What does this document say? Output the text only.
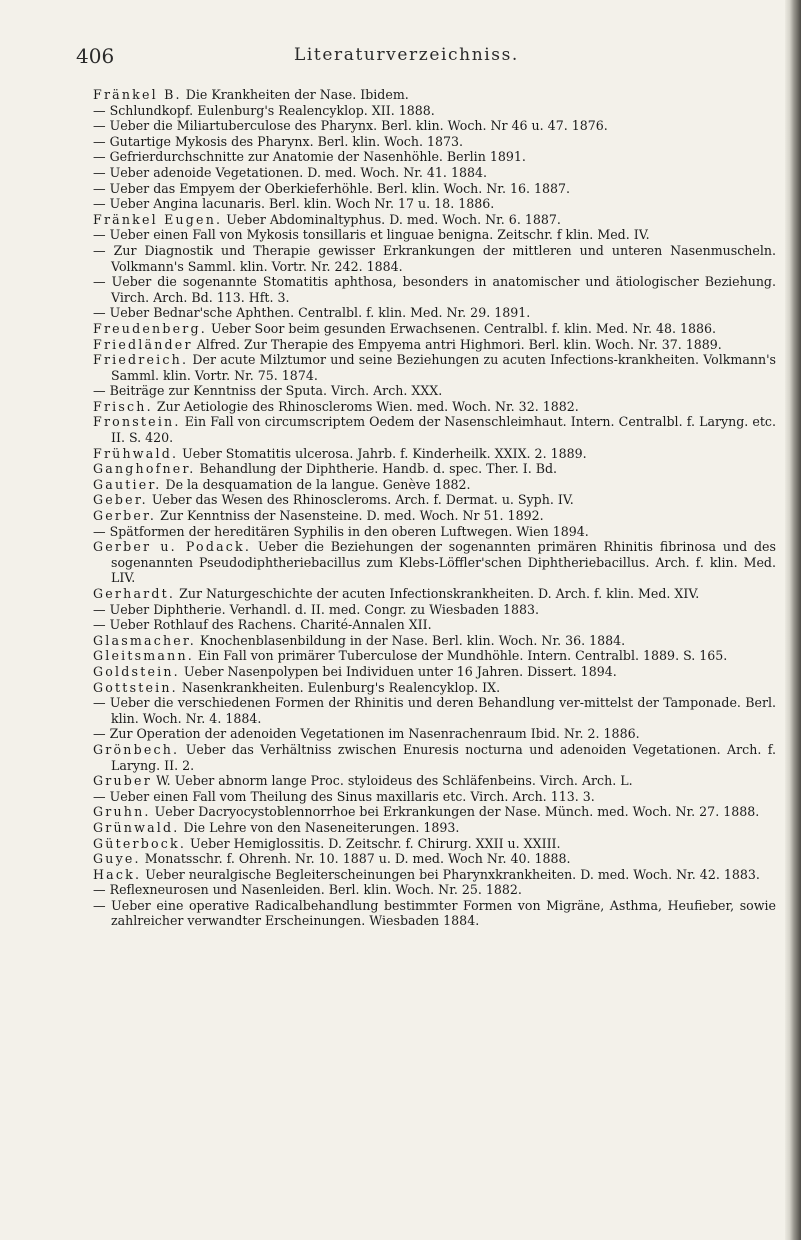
406	Literaturverzeichniss.
Fränkel B. Die Krankheiten der Nase. Ibidem.
— Schlundkopf. Eulenburg's Realencyklop. XII. 1888.
— Ueber die Miliartuberculose des Pharynx. Berl. klin. Woch. Nr 46 u. 47. 1876.
— Gutartige Mykosis des Pharynx. Berl. klin. Woch. 1873.
— Gefrierdurchschnitte zur Anatomie der Nasenhöhle. Berlin 1891.
— Ueber adenoide Vegetationen. D. med. Woch. Nr. 41. 1884.
— Ueber das Empyem der Oberkieferhöhle. Berl. klin. Woch. Nr. 16. 1887.
— Ueber Angina lacunaris. Berl. klin. Woch Nr. 17 u. 18. 1886.
Fränkel Eugen. Ueber Abdominaltyphus. D. med. Woch. Nr. 6. 1887.
— Ueber einen Fall von Mykosis tonsillaris et linguae benigna. Zeitschr. f klin. Med. IV.
— Zur Diagnostik und Therapie gewisser Erkrankungen der mittleren und unteren Nasenmuscheln. Volkmann's Samml. klin. Vortr. Nr. 242. 1884.
— Ueber die sogenannte Stomatitis aphthosa, besonders in anatomischer und ätiologischer Beziehung. Virch. Arch. Bd. 113. Hft. 3.
— Ueber Bednar'sche Aphthen. Centralbl. f. klin. Med. Nr. 29. 1891.
Freudenberg. Ueber Soor beim gesunden Erwachsenen. Centralbl. f. klin. Med. Nr. 48. 1886.
Friedländer Alfred. Zur Therapie des Empyema antri Highmori. Berl. klin. Woch. Nr. 37. 1889.
Friedreich. Der acute Milztumor und seine Beziehungen zu acuten Infections-krankheiten. Volkmann's Samml. klin. Vortr. Nr. 75. 1874.
— Beiträge zur Kenntniss der Sputa. Virch. Arch. XXX.
Frisch. Zur Aetiologie des Rhinoscleroms Wien. med. Woch. Nr. 32. 1882.
Fronstein. Ein Fall von circumscriptem Oedem der Nasenschleimhaut. Intern. Centralbl. f. Laryng. etc. II. S. 420.
Frühwald. Ueber Stomatitis ulcerosa. Jahrb. f. Kinderheilk. XXIX. 2. 1889.
Ganghofner. Behandlung der Diphtherie. Handb. d. spec. Ther. I. Bd.
Gautier. De la desquamation de la langue. Genève 1882.
Geber. Ueber das Wesen des Rhinoscleroms. Arch. f. Dermat. u. Syph. IV.
Gerber. Zur Kenntniss der Nasensteine. D. med. Woch. Nr 51. 1892.
— Spätformen der hereditären Syphilis in den oberen Luftwegen. Wien 1894.
Gerber u. Podack. Ueber die Beziehungen der sogenannten primären Rhinitis fibrinosa und des sogenannten Pseudodiphtheriebacillus zum Klebs-Löffler'schen Diphtheriebacillus. Arch. f. klin. Med. LIV.
Gerhardt. Zur Naturgeschichte der acuten Infectionskrankheiten. D. Arch. f. klin. Med. XIV.
— Ueber Diphtherie. Verhandl. d. II. med. Congr. zu Wiesbaden 1883.
— Ueber Rothlauf des Rachens. Charité-Annalen XII.
Glasmacher. Knochenblasenbildung in der Nase. Berl. klin. Woch. Nr. 36. 1884.
Gleitsmann. Ein Fall von primärer Tuberculose der Mundhöhle. Intern. Centralbl. 1889. S. 165.
Goldstein. Ueber Nasenpolypen bei Individuen unter 16 Jahren. Dissert. 1894.
Gottstein. Nasenkrankheiten. Eulenburg's Realencyklop. IX.
— Ueber die verschiedenen Formen der Rhinitis und deren Behandlung ver-mittelst der Tamponade. Berl. klin. Woch. Nr. 4. 1884.
— Zur Operation der adenoiden Vegetationen im Nasenrachenraum Ibid. Nr. 2. 1886.
Grönbech. Ueber das Verhältniss zwischen Enuresis nocturna und adenoiden Vegetationen. Arch. f. Laryng. II. 2.
Gruber W. Ueber abnorm lange Proc. styloideus des Schläfenbeins. Virch. Arch. L.
— Ueber einen Fall vom Theilung des Sinus maxillaris etc. Virch. Arch. 113. 3.
Gruhn. Ueber Dacryocystoblennorrhoe bei Erkrankungen der Nase. Münch. med. Woch. Nr. 27. 1888.
Grünwald. Die Lehre von den Naseneiterungen. 1893.
Güterbock. Ueber Hemiglossitis. D. Zeitschr. f. Chirurg. XXII u. XXIII.
Guye. Monatsschr. f. Ohrenh. Nr. 10. 1887 u. D. med. Woch Nr. 40. 1888.
Hack. Ueber neuralgische Begleiterscheinungen bei Pharynxkrankheiten. D. med. Woch. Nr. 42. 1883.
— Reflexneurosen und Nasenleiden. Berl. klin. Woch. Nr. 25. 1882.
— Ueber eine operative Radicalbehandlung bestimmter Formen von Migräne, Asthma, Heufieber, sowie zahlreicher verwandter Erscheinungen. Wiesbaden 1884.
